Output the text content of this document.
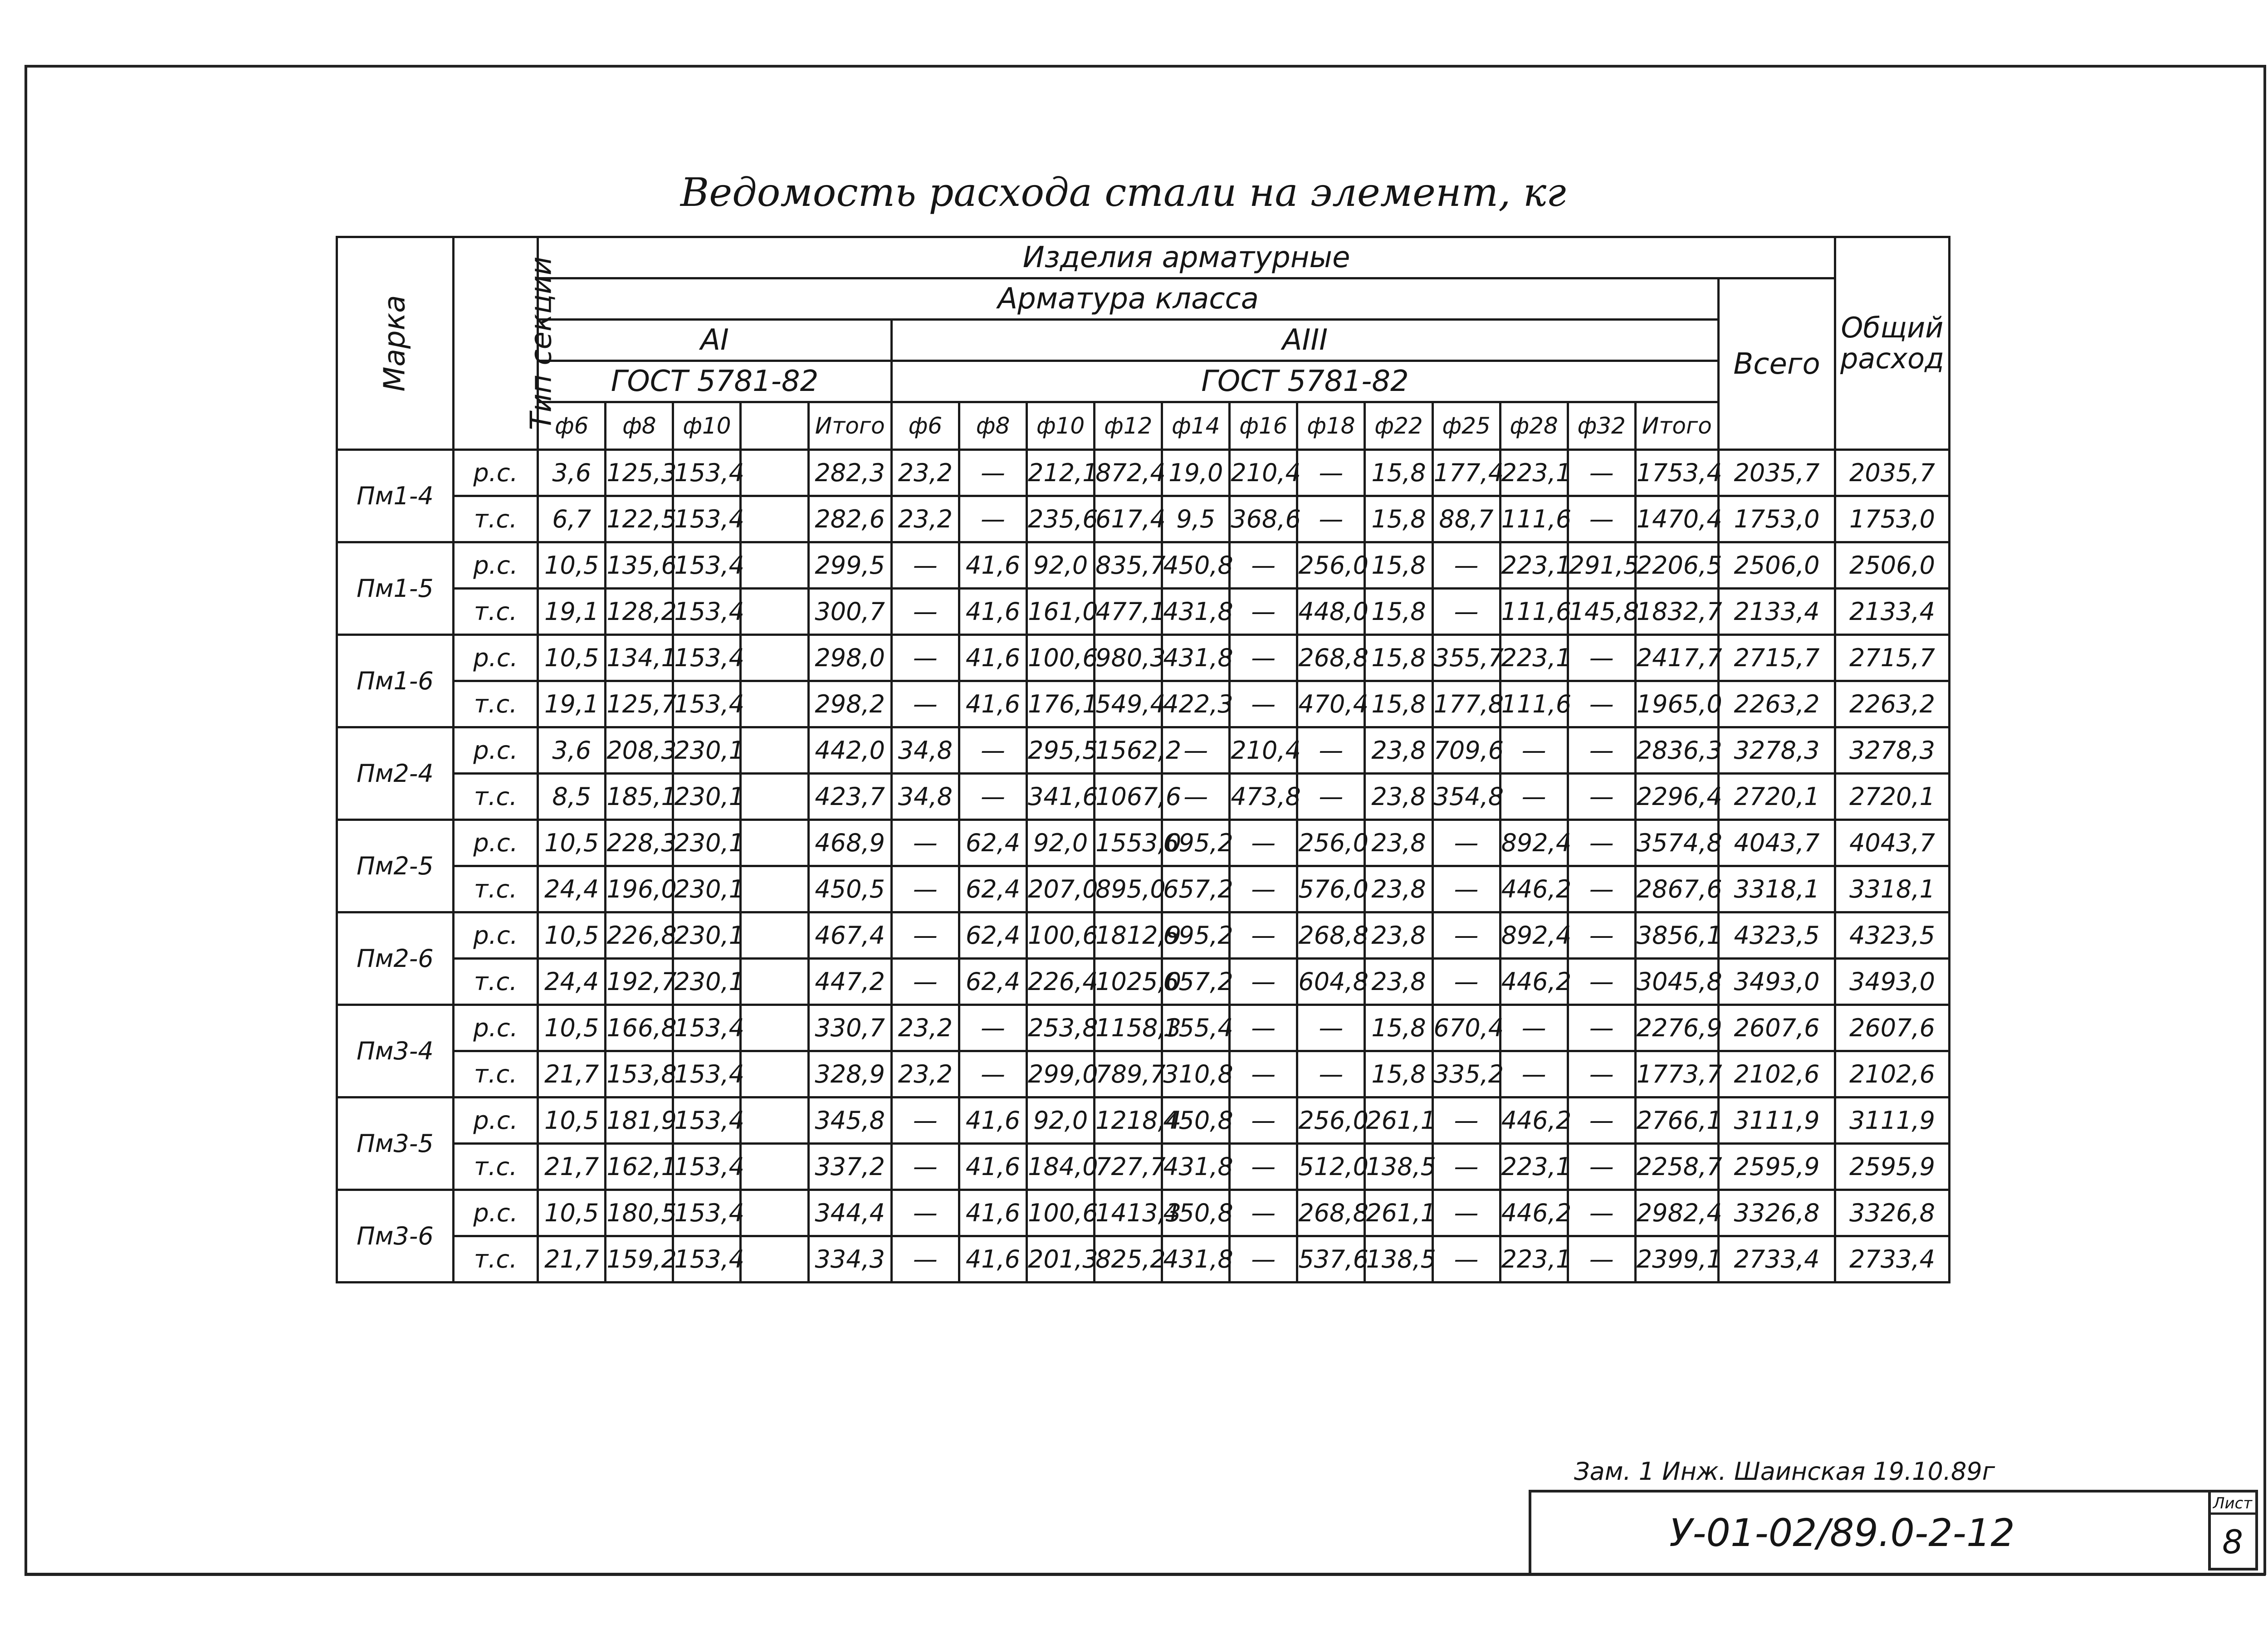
Ведомость расхода стали на элемент, кг
Марка	Тип секции	Изделия арматурные																		Общий
расход
		Арматура класса																	Всего	
		АI					АIII													
		ГОСТ 5781-82					ГОСТ 5781-82													
		ф6	ф8	ф10		Итого	ф6	ф8	ф10	ф12	ф14	ф16	ф18	ф22	ф25	ф28	ф32	Итого		
Пм1-4	р.с.	3,6	125,3	153,4		282,3	23,2	—	212,1	872,4	19,0	210,4	—	15,8	177,4	223,1	—	1753,4	2035,7	2035,7
	т.с.	6,7	122,5	153,4		282,6	23,2	—	235,6	617,4	9,5	368,6	—	15,8	88,7	111,6	—	1470,4	1753,0	1753,0
Пм1-5	р.с.	10,5	135,6	153,4		299,5	—	41,6	92,0	835,7	450,8	—	256,0	15,8	—	223,1	291,5	2206,5	2506,0	2506,0
	т.с.	19,1	128,2	153,4		300,7	—	41,6	161,0	477,1	431,8	—	448,0	15,8	—	111,6	145,8	1832,7	2133,4	2133,4
Пм1-6	р.с.	10,5	134,1	153,4		298,0	—	41,6	100,6	980,3	431,8	—	268,8	15,8	355,7	223,1	—	2417,7	2715,7	2715,7
	т.с.	19,1	125,7	153,4		298,2	—	41,6	176,1	549,4	422,3	—	470,4	15,8	177,8	111,6	—	1965,0	2263,2	2263,2
Пм2-4	р.с.	3,6	208,3	230,1		442,0	34,8	—	295,5	1562,2	—	210,4	—	23,8	709,6	—	—	2836,3	3278,3	3278,3
	т.с.	8,5	185,1	230,1		423,7	34,8	—	341,6	1067,6	—	473,8	—	23,8	354,8	—	—	2296,4	2720,1	2720,1
Пм2-5	р.с.	10,5	228,3	230,1		468,9	—	62,4	92,0	1553,0	695,2	—	256,0	23,8	—	892,4	—	3574,8	4043,7	4043,7
	т.с.	24,4	196,0	230,1		450,5	—	62,4	207,0	895,0	657,2	—	576,0	23,8	—	446,2	—	2867,6	3318,1	3318,1
Пм2-6	р.с.	10,5	226,8	230,1		467,4	—	62,4	100,6	1812,9	695,2	—	268,8	23,8	—	892,4	—	3856,1	4323,5	4323,5
	т.с.	24,4	192,7	230,1		447,2	—	62,4	226,4	1025,0	657,2	—	604,8	23,8	—	446,2	—	3045,8	3493,0	3493,0
Пм3-4	р.с.	10,5	166,8	153,4		330,7	23,2	—	253,8	1158,3	155,4	—	—	15,8	670,4	—	—	2276,9	2607,6	2607,6
	т.с.	21,7	153,8	153,4		328,9	23,2	—	299,0	789,7	310,8	—	—	15,8	335,2	—	—	1773,7	2102,6	2102,6
Пм3-5	р.с.	10,5	181,9	153,4		345,8	—	41,6	92,0	1218,4	450,8	—	256,0	261,1	—	446,2	—	2766,1	3111,9	3111,9
	т.с.	21,7	162,1	153,4		337,2	—	41,6	184,0	727,7	431,8	—	512,0	138,5	—	223,1	—	2258,7	2595,9	2595,9
Пм3-6	р.с.	10,5	180,5	153,4		344,4	—	41,6	100,6	1413,3	450,8	—	268,8	261,1	—	446,2	—	2982,4	3326,8	3326,8
	т.с.	21,7	159,2	153,4		334,3	—	41,6	201,3	825,2	431,8	—	537,6	138,5	—	223,1	—	2399,1	2733,4	2733,4
Зам. 1 Инж. Шаинская 19.10.89г
У-01-02/89.0-2-12
Лист
8
